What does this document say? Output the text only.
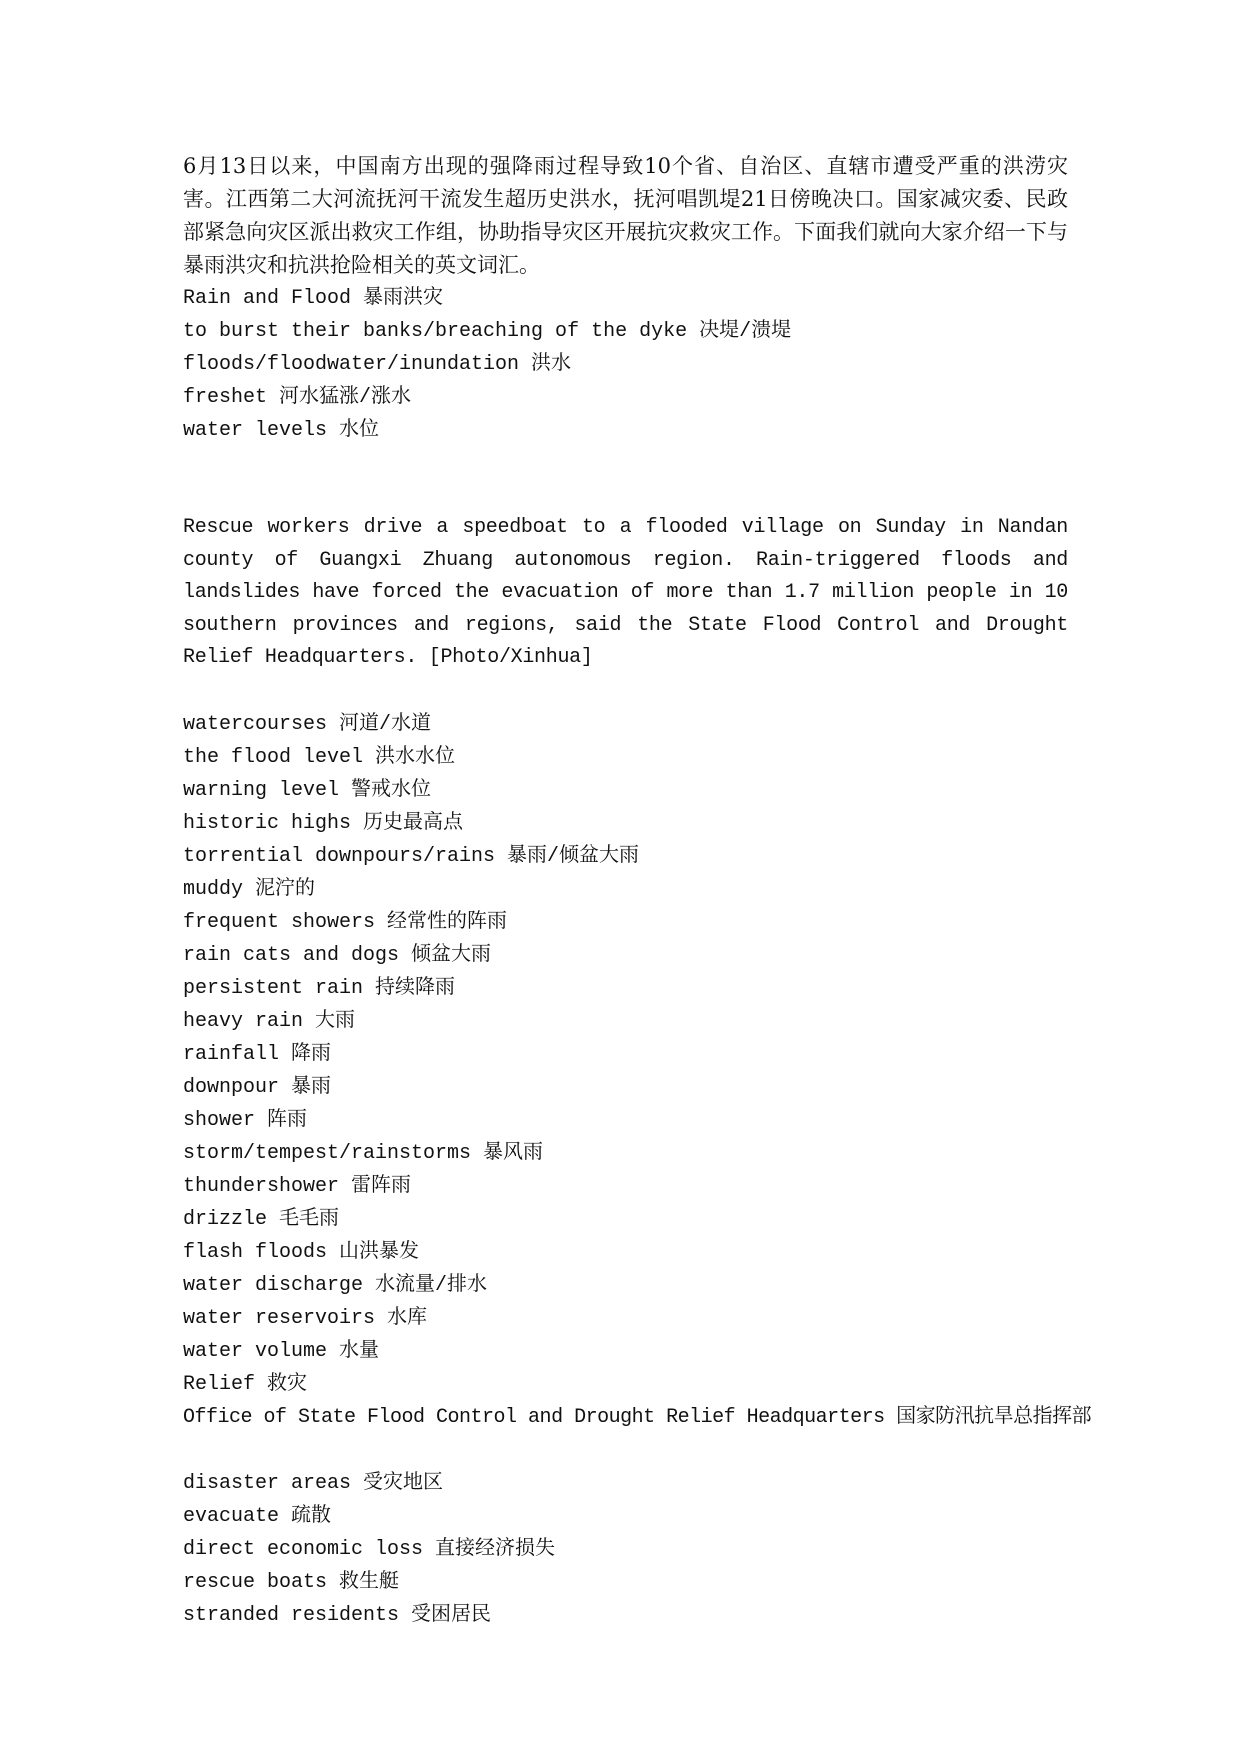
6月13日以来，中国南方出现的强降雨过程导致10个省、自治区、直辖市遭受严重的洪涝灾害。江西第二大河流抚河干流发生超历史洪水，抚河唱凯堤21日傍晚决口。国家减灾委、民政部紧急向灾区派出救灾工作组，协助指导灾区开展抗灾救灾工作。下面我们就向大家介绍一下与暴雨洪灾和抗洪抢险相关的英文词汇。

Rain and Flood 暴雨洪灾
to burst their banks/breaching of the dyke 决堤/溃堤
floods/floodwater/inundation 洪水
freshet 河水猛涨/涨水
water levels 水位

Rescue workers drive a speedboat to a flooded village on Sunday in Nandan county of Guangxi Zhuang autonomous region. Rain-triggered floods and landslides have forced the evacuation of more than 1.7 million people in 10 southern provinces and regions, said the State Flood Control and Drought Relief Headquarters. [Photo/Xinhua]

watercourses 河道/水道
the flood level 洪水水位
warning level 警戒水位
historic highs 历史最高点
torrential downpours/rains 暴雨/倾盆大雨
muddy 泥泞的
frequent showers 经常性的阵雨
rain cats and dogs 倾盆大雨
persistent rain 持续降雨
heavy rain 大雨
rainfall 降雨
downpour 暴雨
shower 阵雨
storm/tempest/rainstorms 暴风雨
thundershower 雷阵雨
drizzle 毛毛雨
flash floods 山洪暴发
water discharge 水流量/排水
water reservoirs 水库
water volume 水量
Relief 救灾
Office of State Flood Control and Drought Relief Headquarters 国家防汛抗旱总指挥部
disaster areas 受灾地区
evacuate 疏散
direct economic loss 直接经济损失
rescue boats 救生艇
stranded residents 受困居民
